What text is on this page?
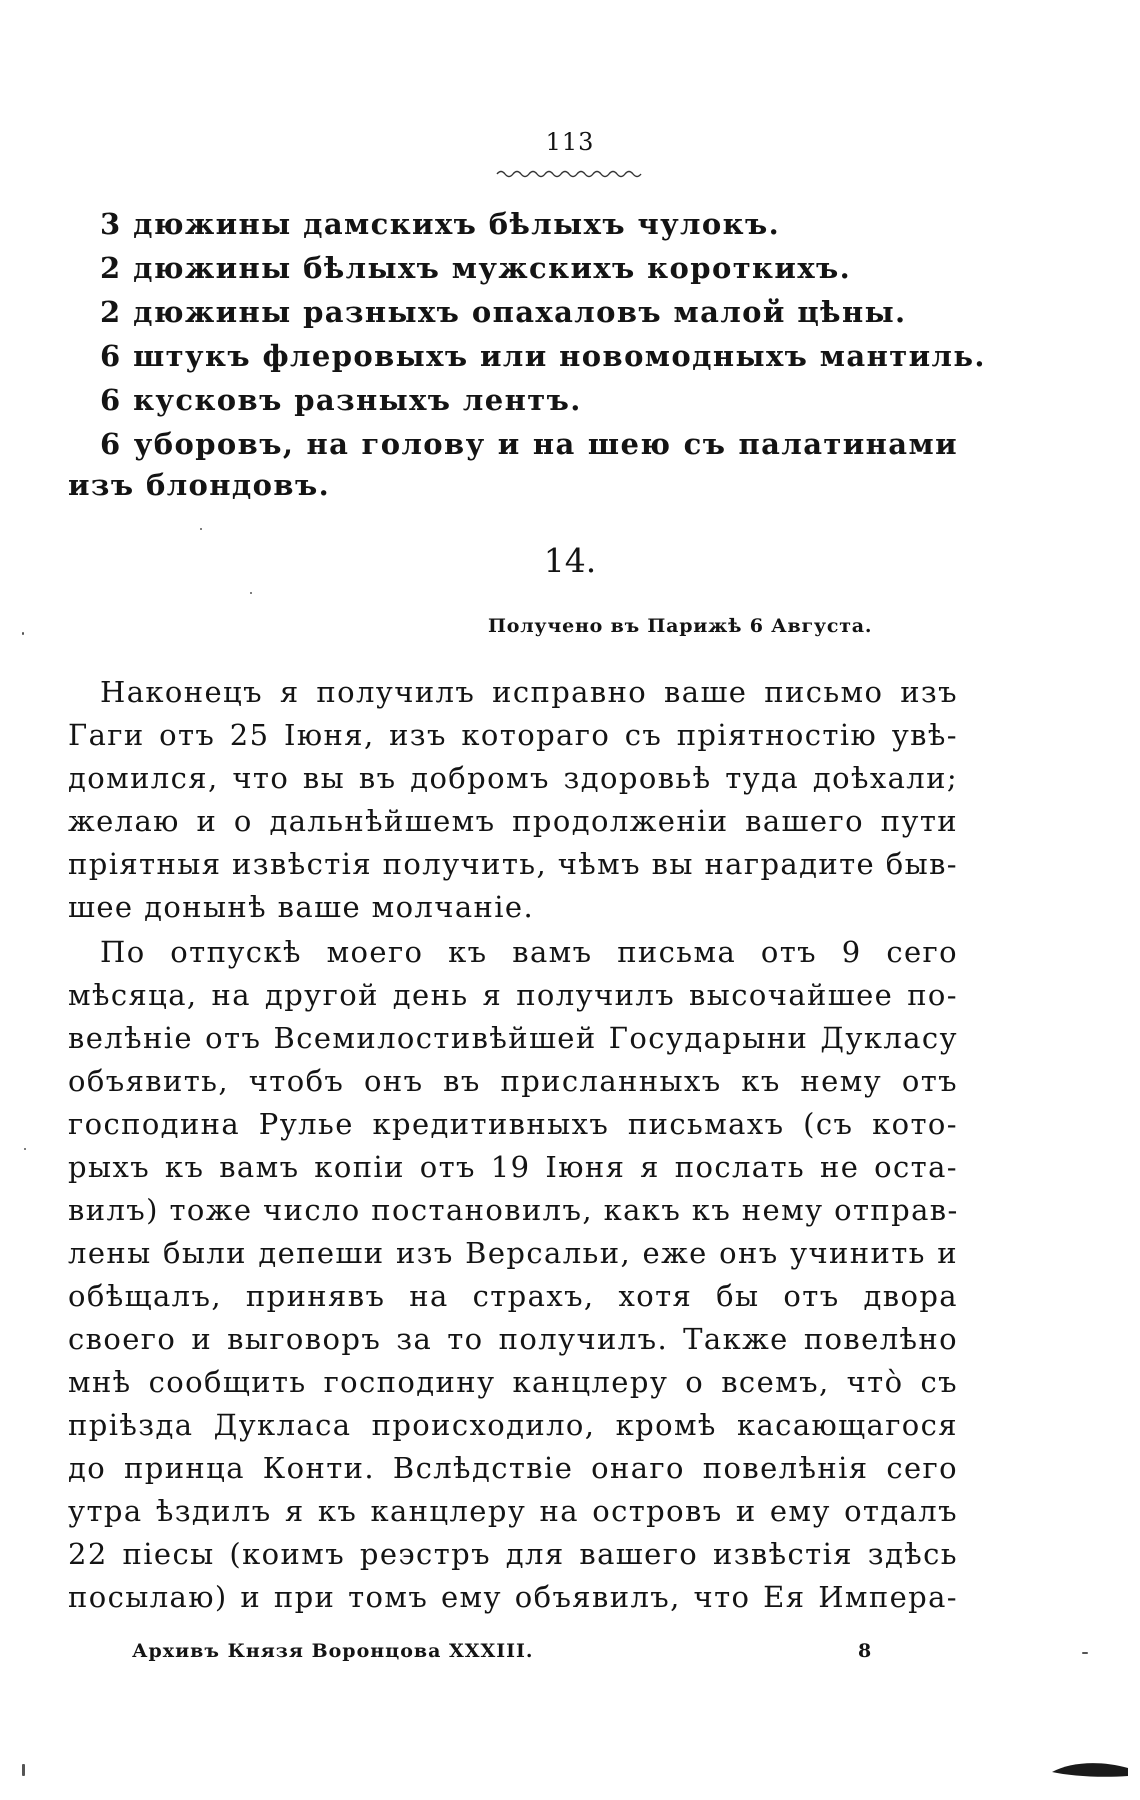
113
3 дюжины дамскихъ бѣлыхъ чулокъ.
2 дюжины бѣлыхъ мужскихъ короткихъ.
2 дюжины разныхъ опахаловъ малой цѣны.
6 штукъ флеровыхъ или новомодныхъ мантиль.
6 кусковъ разныхъ лентъ.
6 уборовъ, на голову и на шею съ палатинами
изъ блондовъ.
14.
Получено въ Парижѣ 6 Августа.
Наконецъ я получилъ исправно ваше письмо изъ
Гаги отъ 25 Іюня, изъ котораго съ пріятностію увѣ-
домился, что вы въ добромъ здоровьѣ туда доѣхали;
желаю и о дальнѣйшемъ продолженіи вашего пути
пріятныя извѣстія получить, чѣмъ вы наградите быв-
шее донынѣ ваше молчаніе.
По отпускѣ моего къ вамъ письма отъ 9 сего
мѣсяца, на другой день я получилъ высочайшее по-
велѣніе отъ Всемилостивѣйшей Государыни Дукласу
объявить, чтобъ онъ въ присланныхъ къ нему отъ
господина Рульe кредитивныхъ письмахъ (съ кото-
рыхъ къ вамъ копіи отъ 19 Іюня я послать не оста-
вилъ) тоже число постановилъ, какъ къ нему отправ-
лены были депеши изъ Версальи, еже онъ учинить и
обѣщалъ, принявъ на страхъ, хотя бы отъ двора
своего и выговоръ за то получилъ. Также повелѣно
мнѣ сообщить господину канцлеру о всемъ, чтò съ
пріѣзда Дукласа происходило, кромѣ касающагося
до принца Конти. Вслѣдствіе онаго повелѣнія сего
утра ѣздилъ я къ канцлеру на островъ и ему отдалъ
22 піесы (коимъ реэстръ для вашего извѣстія здѣсь
посылаю) и при томъ ему объявилъ, что Ея Импера-
Архивъ Князя Воронцова XXXIII.	8
